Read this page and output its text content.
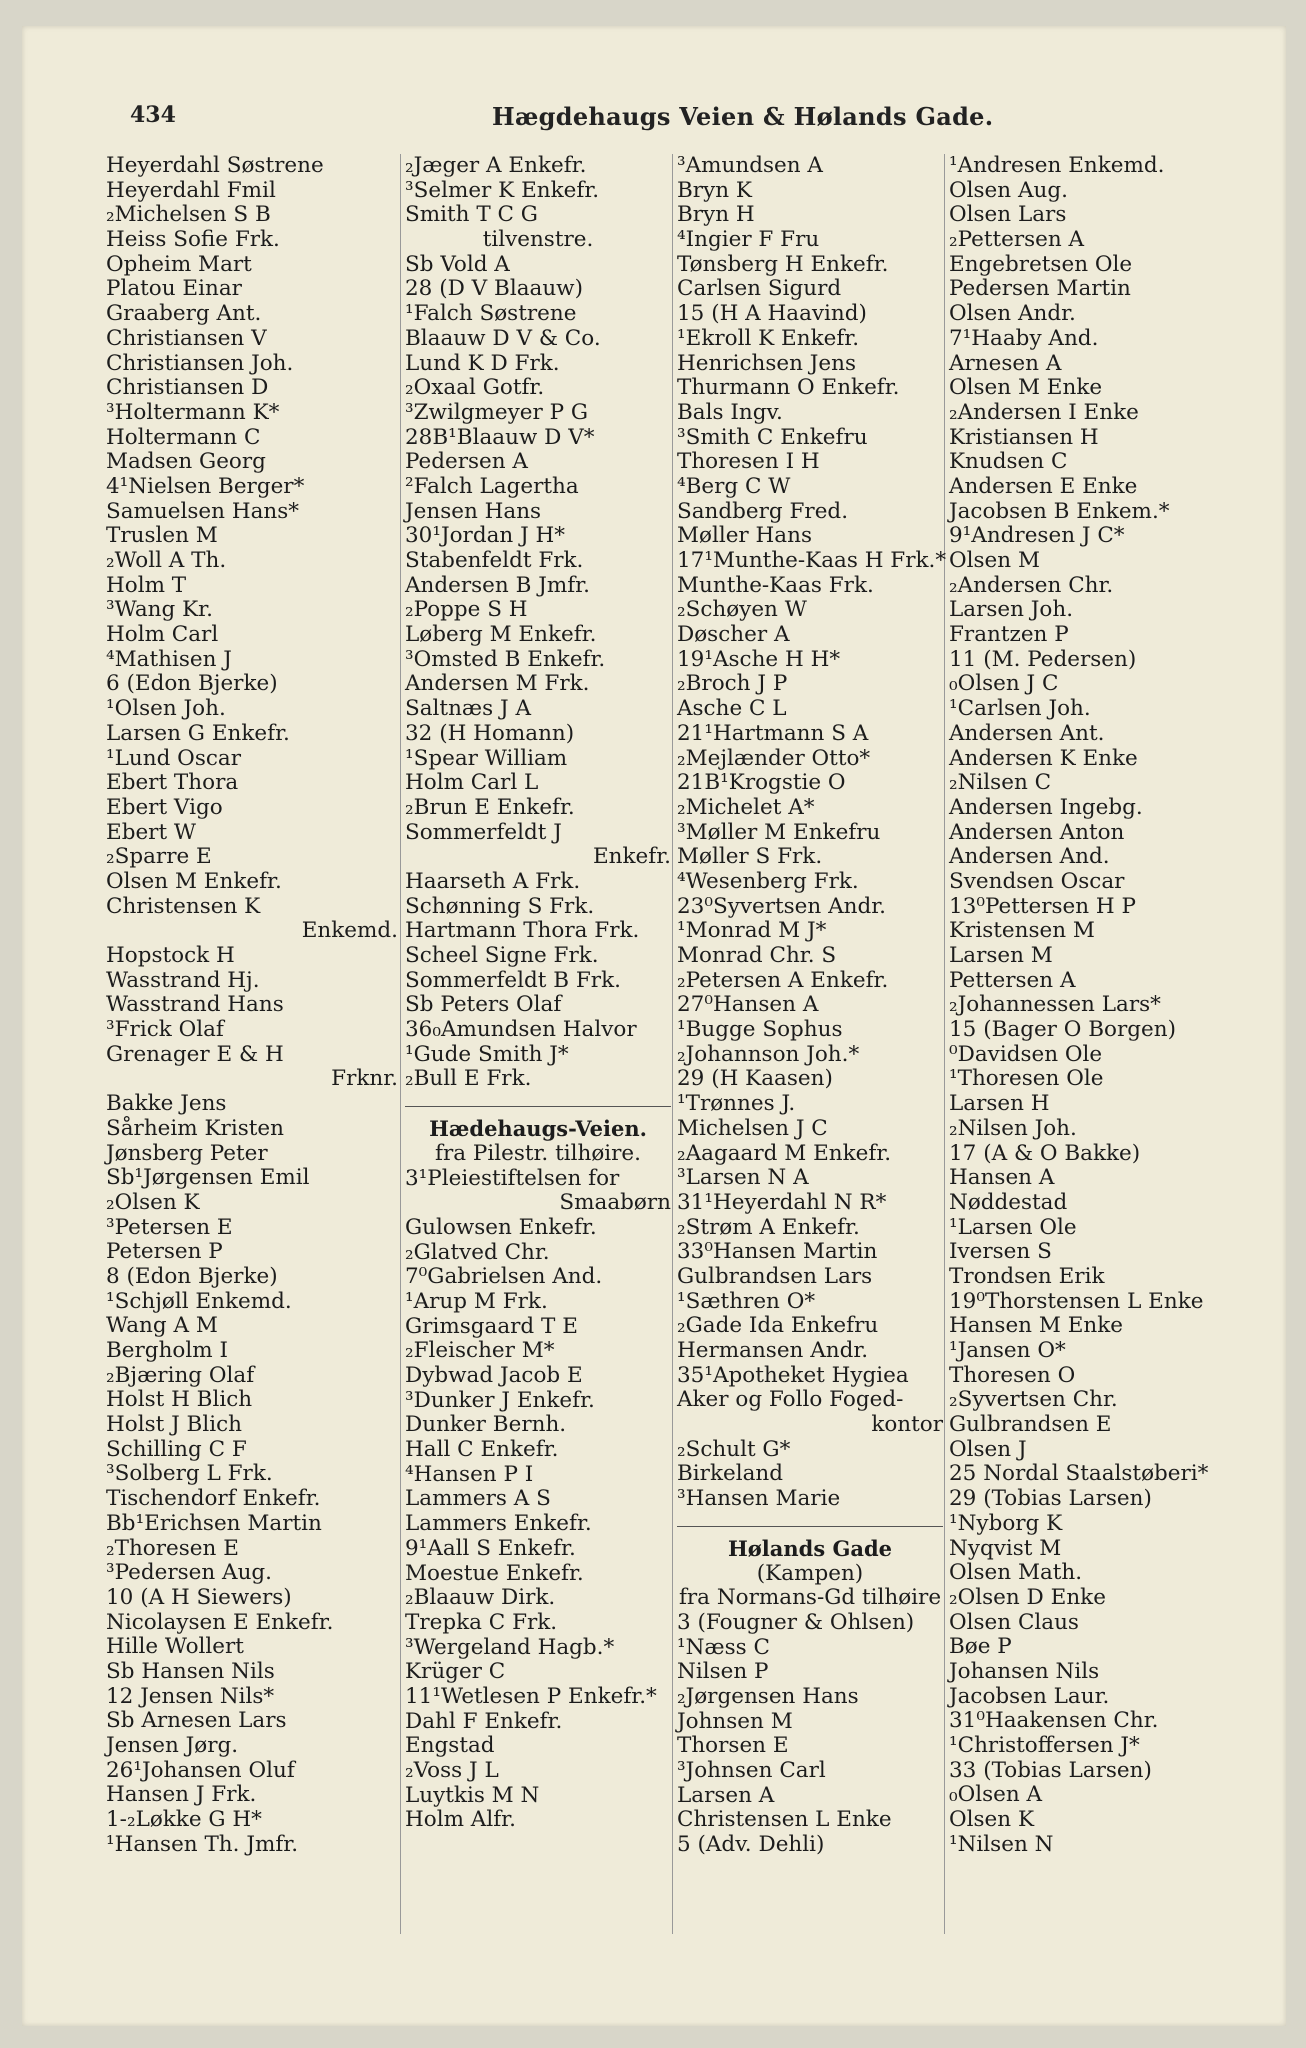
434	Hægdehaugs Veien & Hølands Gade.
Heyerdahl Søstrene
Heyerdahl Fmil
₂Michelsen S B
Heiss Sofie Frk.
Opheim Mart
Platou Einar
Graaberg Ant.
Christiansen V
Christiansen Joh.
Christiansen D
³Holtermann K*
Holtermann C
Madsen Georg
4¹Nielsen Berger*
Samuelsen Hans*
Truslen M
₂Woll A Th.
Holm T
³Wang Kr.
Holm Carl
⁴Mathisen J
6 (Edon Bjerke)
¹Olsen Joh.
Larsen G Enkefr.
¹Lund Oscar
Ebert Thora
Ebert Vigo
Ebert W
₂Sparre E
Olsen M Enkefr.
Christensen K
Enkemd.
Hopstock H
Wasstrand Hj.
Wasstrand Hans
³Frick Olaf
Grenager E & H
Frknr.
Bakke Jens
Sårheim Kristen
Jønsberg Peter
Sb¹Jørgensen Emil
₂Olsen K
³Petersen E
Petersen P
8 (Edon Bjerke)
¹Schjøll Enkemd.
Wang A M
Bergholm I
₂Bjæring Olaf
Holst H Blich
Holst J Blich
Schilling C F
³Solberg L Frk.
Tischendorf Enkefr.
Bb¹Erichsen Martin
₂Thoresen E
³Pedersen Aug.
10 (A H Siewers)
Nicolaysen E Enkefr.
Hille Wollert
Sb Hansen Nils
12 Jensen Nils*
Sb Arnesen Lars
Jensen Jørg.
26¹Johansen Oluf
Hansen J Frk.
1-₂Løkke G H*
¹Hansen Th. Jmfr.
₂Jæger A Enkefr.
³Selmer K Enkefr.
Smith T C G
tilvenstre.
Sb Vold A
28 (D V Blaauw)
¹Falch Søstrene
Blaauw D V & Co.
Lund K D Frk.
₂Oxaal Gotfr.
³Zwilgmeyer P G
28B¹Blaauw D V*
Pedersen A
²Falch Lagertha
Jensen Hans
30¹Jordan J H*
Stabenfeldt Frk.
Andersen B Jmfr.
₂Poppe S H
Løberg M Enkefr.
³Omsted B Enkefr.
Andersen M Frk.
Saltnæs J A
32 (H Homann)
¹Spear William
Holm Carl L
₂Brun E Enkefr.
Sommerfeldt J
Enkefr.
Haarseth A Frk.
Schønning S Frk.
Hartmann Thora Frk.
Scheel Signe Frk.
Sommerfeldt B Frk.
Sb Peters Olaf
36₀Amundsen Halvor
¹Gude Smith J*
₂Bull E Frk.
Hædehaugs-Veien.
fra Pilestr. tilhøire.
3¹Pleiestiftelsen for
Smaabørn
Gulowsen Enkefr.
₂Glatved Chr.
7⁰Gabrielsen And.
¹Arup M Frk.
Grimsgaard T E
₂Fleischer M*
Dybwad Jacob E
³Dunker J Enkefr.
Dunker Bernh.
Hall C Enkefr.
⁴Hansen P I
Lammers A S
Lammers Enkefr.
9¹Aall S Enkefr.
Moestue Enkefr.
₂Blaauw Dirk.
Trepka C Frk.
³Wergeland Hagb.*
Krüger C
11¹Wetlesen P Enkefr.*
Dahl F Enkefr.
Engstad
₂Voss J L
Luytkis M N
Holm Alfr.
³Amundsen A
Bryn K
Bryn H
⁴Ingier F Fru
Tønsberg H Enkefr.
Carlsen Sigurd
15 (H A Haavind)
¹Ekroll K Enkefr.
Henrichsen Jens
Thurmann O Enkefr.
Bals Ingv.
³Smith C Enkefru
Thoresen I H
⁴Berg C W
Sandberg Fred.
Møller Hans
17¹Munthe-Kaas H Frk.*
Munthe-Kaas Frk.
₂Schøyen W
Døscher A
19¹Asche H H*
₂Broch J P
Asche C L
21¹Hartmann S A
₂Mejlænder Otto*
21B¹Krogstie O
₂Michelet A*
³Møller M Enkefru
Møller S Frk.
⁴Wesenberg Frk.
23⁰Syvertsen Andr.
¹Monrad M J*
Monrad Chr. S
₂Petersen A Enkefr.
27⁰Hansen A
¹Bugge Sophus
₂Johannson Joh.*
29 (H Kaasen)
¹Trønnes J.
Michelsen J C
₂Aagaard M Enkefr.
³Larsen N A
31¹Heyerdahl N R*
₂Strøm A Enkefr.
33⁰Hansen Martin
Gulbrandsen Lars
¹Sæthren O*
₂Gade Ida Enkefru
Hermansen Andr.
35¹Apotheket Hygiea
Aker og Follo Foged-
kontor
₂Schult G*
Birkeland
³Hansen Marie
Hølands Gade
(Kampen)
fra Normans-Gd tilhøire
3 (Fougner & Ohlsen)
¹Næss C
Nilsen P
₂Jørgensen Hans
Johnsen M
Thorsen E
³Johnsen Carl
Larsen A
Christensen L Enke
5 (Adv. Dehli)
¹Andresen Enkemd.
Olsen Aug.
Olsen Lars
₂Pettersen A
Engebretsen Ole
Pedersen Martin
Olsen Andr.
7¹Haaby And.
Arnesen A
Olsen M Enke
₂Andersen I Enke
Kristiansen H
Knudsen C
Andersen E Enke
Jacobsen B Enkem.*
9¹Andresen J C*
Olsen M
₂Andersen Chr.
Larsen Joh.
Frantzen P
11 (M. Pedersen)
₀Olsen J C
¹Carlsen Joh.
Andersen Ant.
Andersen K Enke
₂Nilsen C
Andersen Ingebg.
Andersen Anton
Andersen And.
Svendsen Oscar
13⁰Pettersen H P
Kristensen M
Larsen M
Pettersen A
₂Johannessen Lars*
15 (Bager O Borgen)
⁰Davidsen Ole
¹Thoresen Ole
Larsen H
₂Nilsen Joh.
17 (A & O Bakke)
Hansen A
Nøddestad
¹Larsen Ole
Iversen S
Trondsen Erik
19⁰Thorstensen L Enke
Hansen M Enke
¹Jansen O*
Thoresen O
₂Syvertsen Chr.
Gulbrandsen E
Olsen J
25 Nordal Staalstøberi*
29 (Tobias Larsen)
¹Nyborg K
Nyqvist M
Olsen Math.
₂Olsen D Enke
Olsen Claus
Bøe P
Johansen Nils
Jacobsen Laur.
31⁰Haakensen Chr.
¹Christoffersen J*
33 (Tobias Larsen)
₀Olsen A
Olsen K
¹Nilsen N
